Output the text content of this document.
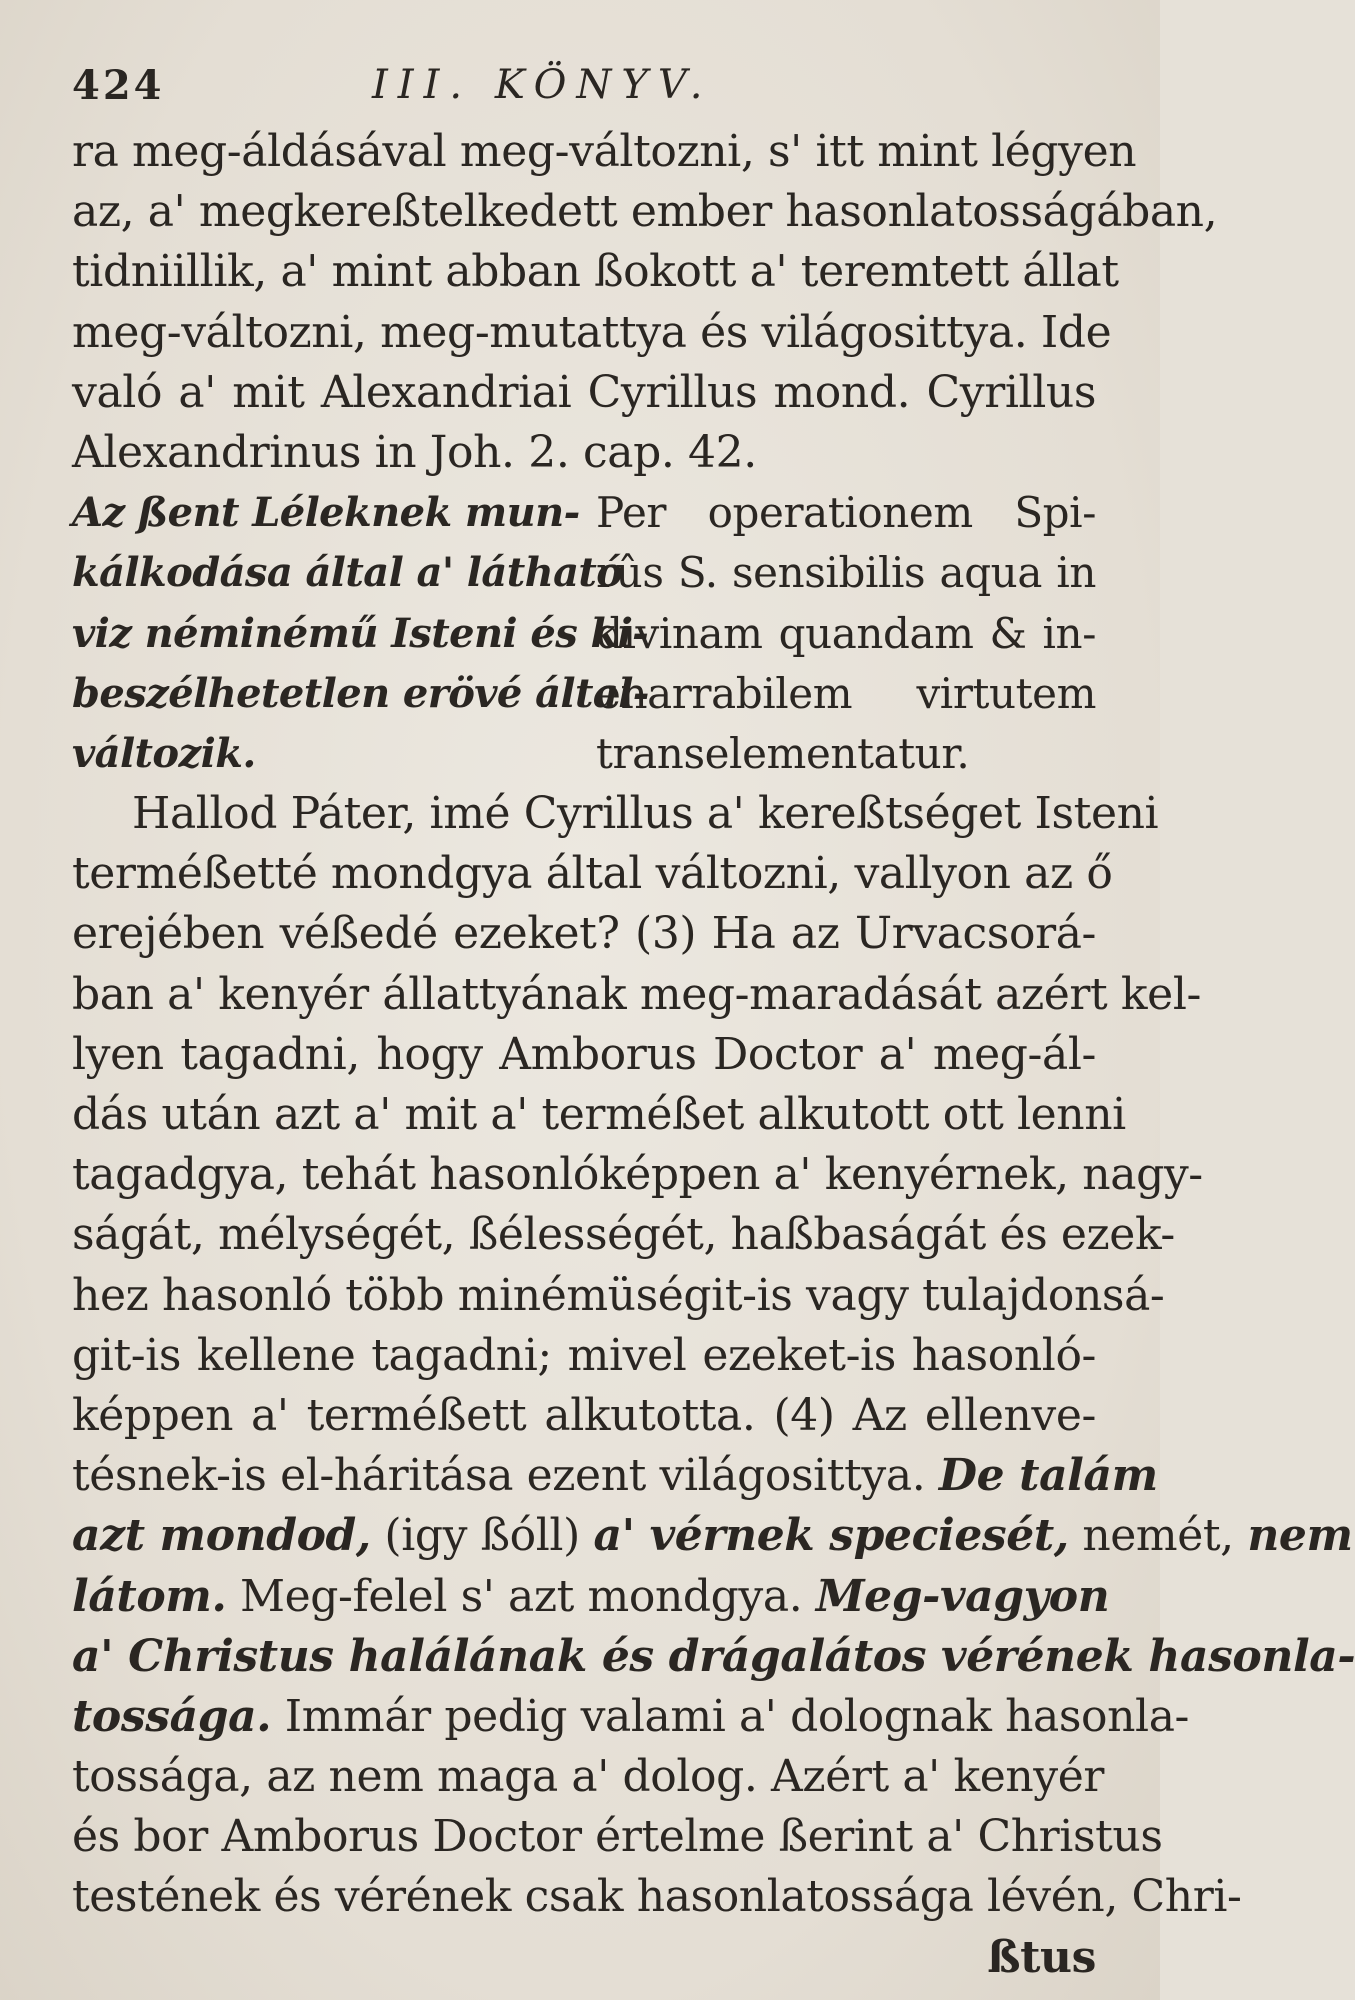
424	III. KÖNYV.
ra meg-áldásával meg-változni, s' itt mint légyen
az, a' megkereßtelkedett ember hasonlatosságában,
tidniillik, a' mint abban ßokott a' teremtett állat
meg-változni, meg-mutattya és világosittya. Ide
való a' mit Alexandriai Cyrillus mond. Cyrillus
Alexandrinus in Joh. 2. cap. 42.
Az ßent Léleknek mun-
kálkodása által a' látható
viz néminémű Isteni és ki-
beszélhetetlen erövé által-
változik.
Per operationem Spi-
rûs S. sensibilis aqua in
divinam quandam & in-
enarrabilem virtutem
transelementatur.
Hallod Páter, imé Cyrillus a' kereßtséget Isteni
terméßetté mondgya által változni, vallyon az ő
erejében véßedé ezeket? (3) Ha az Urvacsorá-
ban a' kenyér állattyának meg-maradását azért kel-
lyen tagadni, hogy Amborus Doctor a' meg-ál-
dás után azt a' mit a' terméßet alkutott ott lenni
tagadgya, tehát hasonlóképpen a' kenyérnek, nagy-
ságát, mélységét, ßélességét, haßbaságát és ezek-
hez hasonló több minémüségit-is vagy tulajdonsá-
git-is kellene tagadni; mivel ezeket-is hasonló-
képpen a' terméßett alkutotta. (4) Az ellenve-
tésnek-is el-háritása ezent világosittya. De talám
azt mondod, (igy ßóll) a' vérnek speciesét, nemét, nem
látom. Meg-felel s' azt mondgya. Meg-vagyon
a' Christus halálának és drágalátos vérének hasonla-
tossága. Immár pedig valami a' dolognak hasonla-
tossága, az nem maga a' dolog. Azért a' kenyér
és bor Amborus Doctor értelme ßerint a' Christus
testének és vérének csak hasonlatossága lévén, Chri-
ßtus
